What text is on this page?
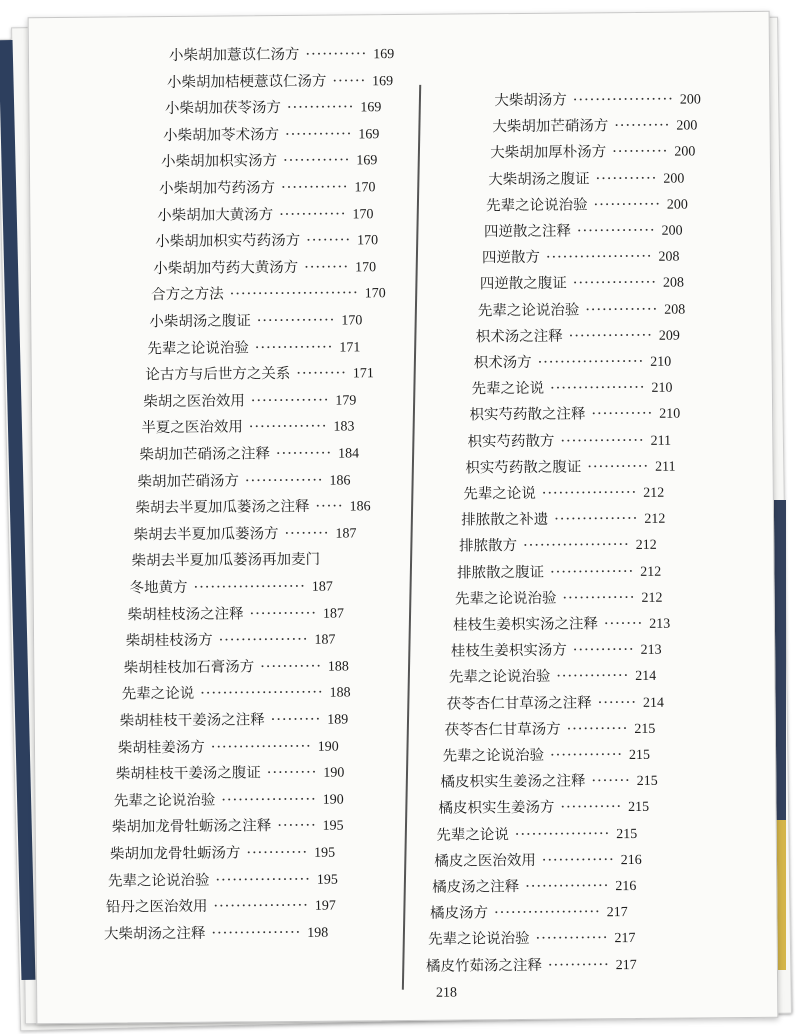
小柴胡加薏苡仁汤方 ··········· 169
小柴胡加桔梗薏苡仁汤方 ······ 169
小柴胡加茯苓汤方 ············ 169
小柴胡加苓术汤方 ············ 169
小柴胡加枳实汤方 ············ 169
小柴胡加芍药汤方 ············ 170
小柴胡加大黄汤方 ············ 170
小柴胡加枳实芍药汤方 ········ 170
小柴胡加芍药大黄汤方 ········ 170
合方之方法 ······················· 170
小柴胡汤之腹证 ·············· 170
先辈之论说治验 ·············· 171
论古方与后世方之关系 ········· 171
柴胡之医治效用 ·············· 179
半夏之医治效用 ·············· 183
柴胡加芒硝汤之注释 ·········· 184
柴胡加芒硝汤方 ·············· 186
柴胡去半夏加瓜蒌汤之注释 ····· 186
柴胡去半夏加瓜蒌汤方 ········ 187
柴胡去半夏加瓜蒌汤再加麦门
冬地黄方 ···················· 187
柴胡桂枝汤之注释 ············ 187
柴胡桂枝汤方 ················ 187
柴胡桂枝加石膏汤方 ··········· 188
先辈之论说 ······················ 188
柴胡桂枝干姜汤之注释 ········· 189
柴胡桂姜汤方 ·················· 190
柴胡桂枝干姜汤之腹证 ········· 190
先辈之论说治验 ················· 190
柴胡加龙骨牡蛎汤之注释 ······· 195
柴胡加龙骨牡蛎汤方 ··········· 195
先辈之论说治验 ················· 195
铅丹之医治效用 ················· 197
大柴胡汤之注释 ················ 198
大柴胡汤方 ·················· 200
大柴胡加芒硝汤方 ·········· 200
大柴胡加厚朴汤方 ·········· 200
大柴胡汤之腹证 ··········· 200
先辈之论说治验 ············ 200
四逆散之注释 ·············· 200
四逆散方 ··················· 208
四逆散之腹证 ··············· 208
先辈之论说治验 ············· 208
枳术汤之注释 ··············· 209
枳术汤方 ··················· 210
先辈之论说 ················· 210
枳实芍药散之注释 ··········· 210
枳实芍药散方 ··············· 211
枳实芍药散之腹证 ··········· 211
先辈之论说 ················· 212
排脓散之补遗 ··············· 212
排脓散方 ··················· 212
排脓散之腹证 ··············· 212
先辈之论说治验 ············· 212
桂枝生姜枳实汤之注释 ······· 213
桂枝生姜枳实汤方 ··········· 213
先辈之论说治验 ············· 214
茯苓杏仁甘草汤之注释 ······· 214
茯苓杏仁甘草汤方 ··········· 215
先辈之论说治验 ············· 215
橘皮枳实生姜汤之注释 ······· 215
橘皮枳实生姜汤方 ··········· 215
先辈之论说 ················· 215
橘皮之医治效用 ············· 216
橘皮汤之注释 ··············· 216
橘皮汤方 ··················· 217
先辈之论说治验 ············· 217
橘皮竹茹汤之注释 ··········· 217
218
